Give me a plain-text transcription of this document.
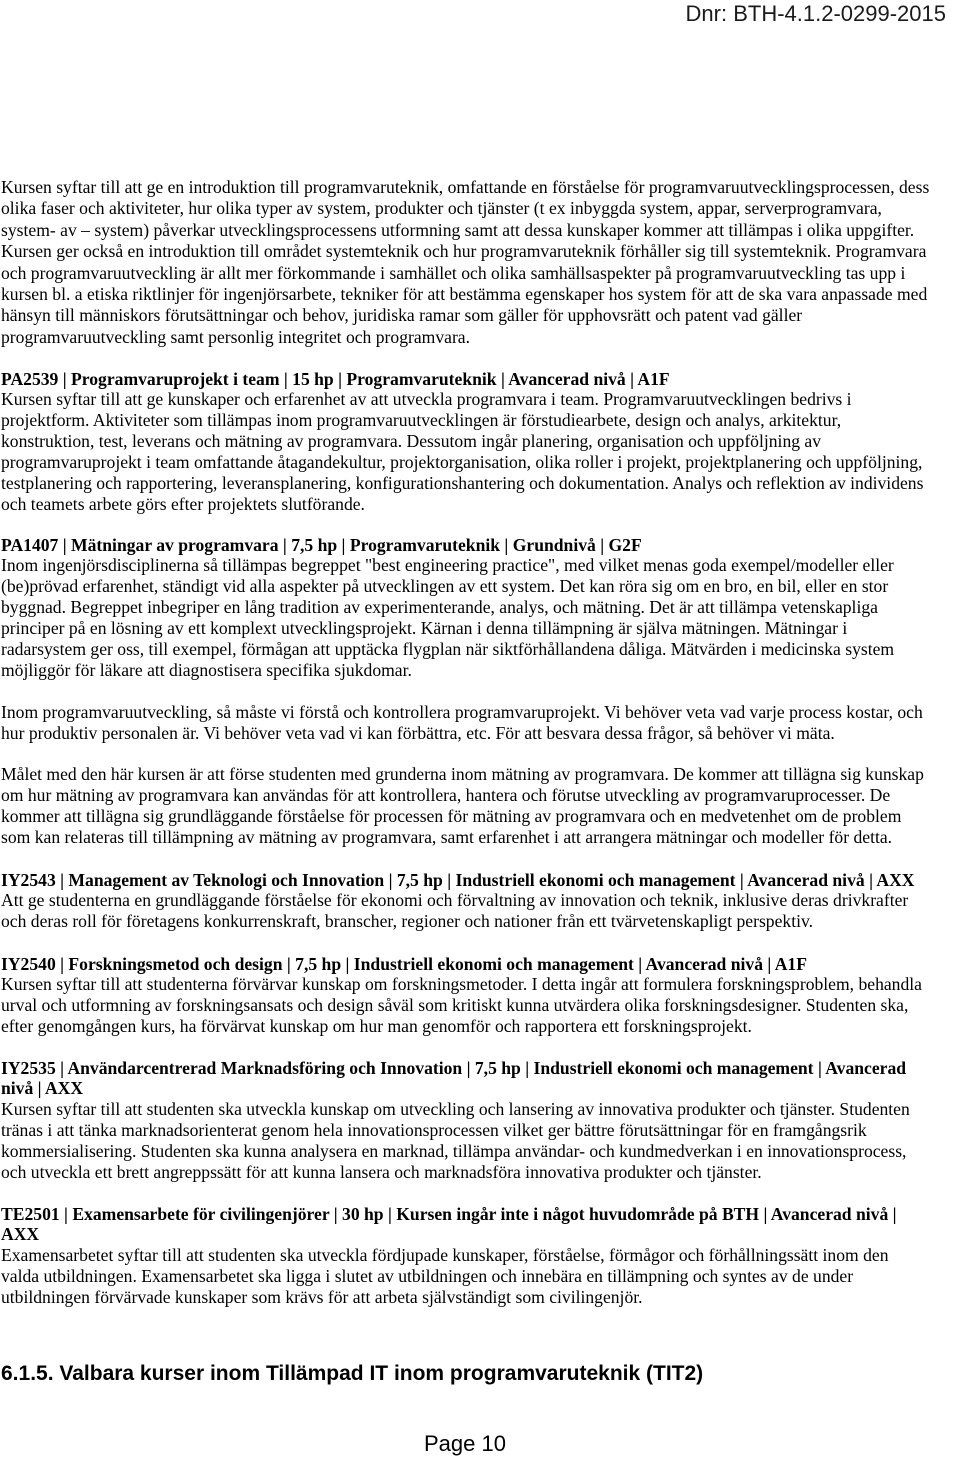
Dnr: BTH-4.1.2-0299-2015
Kursen syftar till att ge en introduktion till programvaruteknik, omfattande en förståelse för programvaruutvecklingsprocessen, dess
olika faser och aktiviteter, hur olika typer av system, produkter och tjänster (t ex inbyggda system, appar, serverprogramvara,
system- av – system) påverkar utvecklingsprocessens utformning samt att dessa kunskaper kommer att tillämpas i olika uppgifter.
Kursen ger också en introduktion till området systemteknik och hur programvaruteknik förhåller sig till systemteknik. Programvara
och programvaruutveckling är allt mer förkommande i samhället och olika samhällsaspekter på programvaruutveckling tas upp i
kursen bl. a etiska riktlinjer för ingenjörsarbete, tekniker för att bestämma egenskaper hos system för att de ska vara anpassade med
hänsyn till människors förutsättningar och behov, juridiska ramar som gäller för upphovsrätt och patent vad gäller
programvaruutveckling samt personlig integritet och programvara.
PA2539 | Programvaruprojekt i team | 15 hp | Programvaruteknik | Avancerad nivå | A1F
Kursen syftar till att ge kunskaper och erfarenhet av att utveckla programvara i team. Programvaruutvecklingen bedrivs i
projektform. Aktiviteter som tillämpas inom programvaruutvecklingen är förstudiearbete, design och analys, arkitektur,
konstruktion, test, leverans och mätning av programvara. Dessutom ingår planering, organisation och uppföljning av
programvaruprojekt i team omfattande åtagandekultur, projektorganisation, olika roller i projekt, projektplanering och uppföljning,
testplanering och rapportering, leveransplanering, konfigurationshantering och dokumentation. Analys och reflektion av individens
och teamets arbete görs efter projektets slutförande.
PA1407 | Mätningar av programvara | 7,5 hp | Programvaruteknik | Grundnivå | G2F
Inom ingenjörsdisciplinerna så tillämpas begreppet "best engineering practice", med vilket menas goda exempel/modeller eller
(be)prövad erfarenhet, ständigt vid alla aspekter på utvecklingen av ett system. Det kan röra sig om en bro, en bil, eller en stor
byggnad. Begreppet inbegriper en lång tradition av experimenterande, analys, och mätning. Det är att tillämpa vetenskapliga
principer på en lösning av ett komplext utvecklingsprojekt. Kärnan i denna tillämpning är själva mätningen. Mätningar i
radarsystem ger oss, till exempel, förmågan att upptäcka flygplan när siktförhållandena dåliga. Mätvärden i medicinska system
möjliggör för läkare att diagnostisera specifika sjukdomar.
Inom programvaruutveckling, så måste vi förstå och kontrollera programvaruprojekt. Vi behöver veta vad varje process kostar, och
hur produktiv personalen är. Vi behöver veta vad vi kan förbättra, etc. För att besvara dessa frågor, så behöver vi mäta.
Målet med den här kursen är att förse studenten med grunderna inom mätning av programvara. De kommer att tillägna sig kunskap
om hur mätning av programvara kan användas för att kontrollera, hantera och förutse utveckling av programvaruprocesser. De
kommer att tillägna sig grundläggande förståelse för processen för mätning av programvara och en medvetenhet om de problem
som kan relateras till tillämpning av mätning av programvara, samt erfarenhet i att arrangera mätningar och modeller för detta.
IY2543 | Management av Teknologi och Innovation | 7,5 hp | Industriell ekonomi och management | Avancerad nivå | AXX
Att ge studenterna en grundläggande förståelse för ekonomi och förvaltning av innovation och teknik, inklusive deras drivkrafter
och deras roll för företagens konkurrenskraft, branscher, regioner och nationer från ett tvärvetenskapligt perspektiv.
IY2540 | Forskningsmetod och design | 7,5 hp | Industriell ekonomi och management | Avancerad nivå | A1F
Kursen syftar till att studenterna förvärvar kunskap om forskningsmetoder. I detta ingår att formulera forskningsproblem, behandla
urval och utformning av forskningsansats och design såväl som kritiskt kunna utvärdera olika forskningsdesigner. Studenten ska,
efter genomgången kurs, ha förvärvat kunskap om hur man genomför och rapportera ett forskningsprojekt.
IY2535 | Användarcentrerad Marknadsföring och Innovation | 7,5 hp | Industriell ekonomi och management | Avancerad
nivå | AXX
Kursen syftar till att studenten ska utveckla kunskap om utveckling och lansering av innovativa produkter och tjänster. Studenten
tränas i att tänka marknadsorienterat genom hela innovationsprocessen vilket ger bättre förutsättningar för en framgångsrik
kommersialisering. Studenten ska kunna analysera en marknad, tillämpa användar- och kundmedverkan i en innovationsprocess,
och utveckla ett brett angreppssätt för att kunna lansera och marknadsföra innovativa produkter och tjänster.
TE2501 | Examensarbete för civilingenjörer | 30 hp | Kursen ingår inte i något huvudområde på BTH | Avancerad nivå |
AXX
Examensarbetet syftar till att studenten ska utveckla fördjupade kunskaper, förståelse, förmågor och förhållningssätt inom den
valda utbildningen. Examensarbetet ska ligga i slutet av utbildningen och innebära en tillämpning och syntes av de under
utbildningen förvärvade kunskaper som krävs för att arbeta självständigt som civilingenjör.
6.1.5. Valbara kurser inom Tillämpad IT inom programvaruteknik (TIT2)
Page 10
